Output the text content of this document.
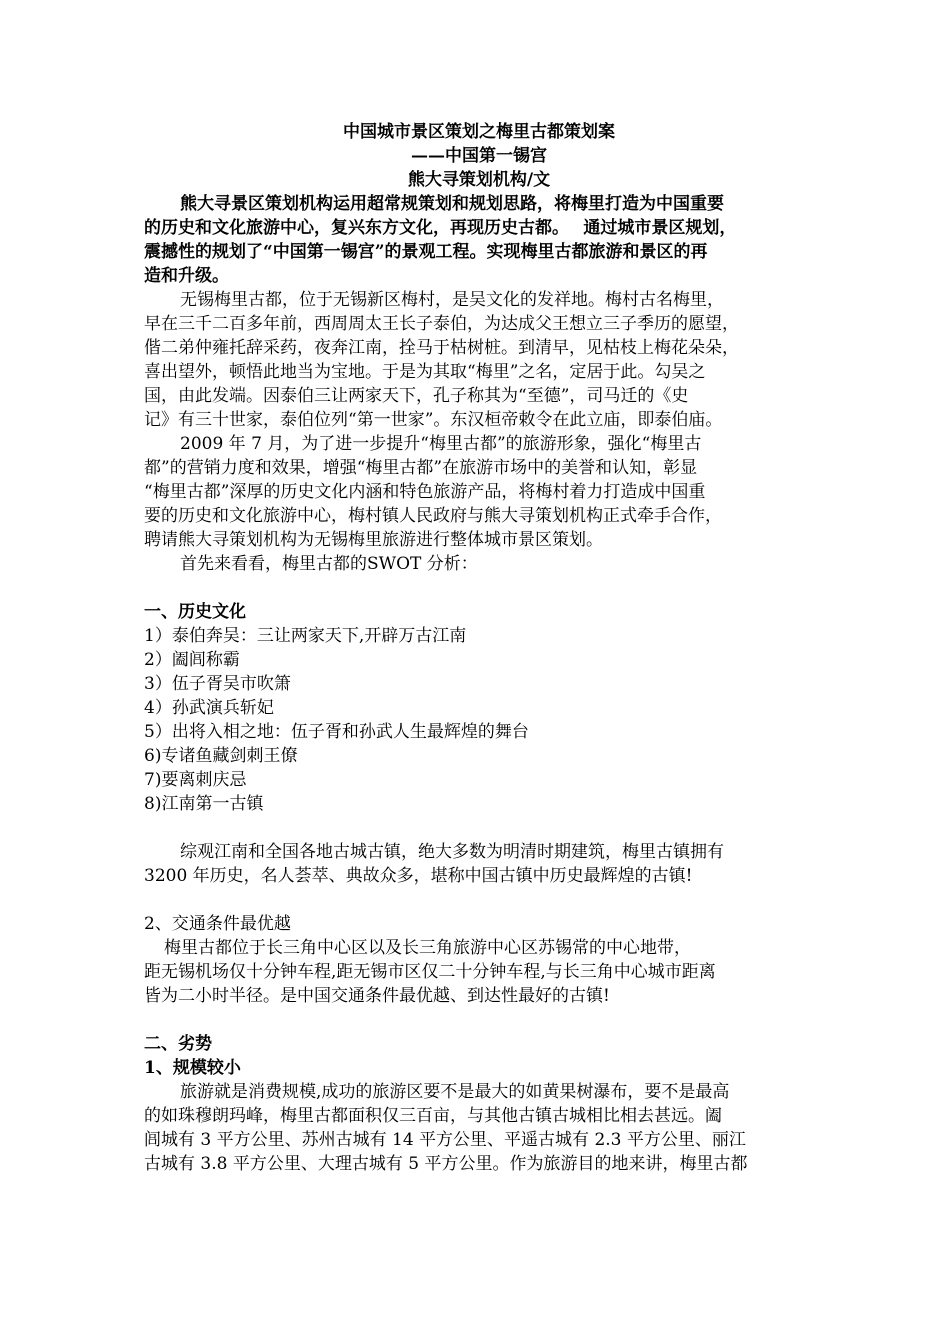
中国城市景区策划之梅里古都策划案
——中国第一锡宫
熊大寻策划机构/文
熊大寻景区策划机构运用超常规策划和规划思路，将梅里打造为中国重要
的历史和文化旅游中心，复兴东方文化，再现历史古都。　 通过城市景区规划，
震撼性的规划了“中国第一锡宫”的景观工程。实现梅里古都旅游和景区的再
造和升级。
无锡梅里古都，位于无锡新区梅村，是吴文化的发祥地。梅村古名梅里，
早在三千二百多年前，西周周太王长子泰伯，为达成父王想立三子季历的愿望，
偕二弟仲雍托辞采药，夜奔江南，拴马于枯树桩。到清早，见枯枝上梅花朵朵，
喜出望外，顿悟此地当为宝地。于是为其取“梅里”之名，定居于此。勾吴之
国，由此发端。因泰伯三让两家天下，孔子称其为“至德”，司马迁的《史
记》有三十世家，泰伯位列“第一世家”。东汉桓帝敕令在此立庙，即泰伯庙。
2009 年 7 月，为了进一步提升“梅里古都”的旅游形象，强化“梅里古
都”的营销力度和效果，增强“梅里古都”在旅游市场中的美誉和认知，彰显
“梅里古都”深厚的历史文化内涵和特色旅游产品，将梅村着力打造成中国重
要的历史和文化旅游中心，梅村镇人民政府与熊大寻策划机构正式牵手合作，
聘请熊大寻策划机构为无锡梅里旅游进行整体城市景区策划。
首先来看看，梅里古都的SWOT 分析：
一、历史文化
1）泰伯奔吴：三让两家天下,开辟万古江南
2）阖闾称霸
3）伍子胥吴市吹箫
4）孙武演兵斩妃
5）出将入相之地：伍子胥和孙武人生最辉煌的舞台
6)专诸鱼藏剑刺王僚
7)要离刺庆忌
8)江南第一古镇
综观江南和全国各地古城古镇，绝大多数为明清时期建筑，梅里古镇拥有
3200 年历史，名人荟萃、典故众多，堪称中国古镇中历史最辉煌的古镇!
2、交通条件最优越
梅里古都位于长三角中心区以及长三角旅游中心区苏锡常的中心地带，
距无锡机场仅十分钟车程,距无锡市区仅二十分钟车程,与长三角中心城市距离
皆为二小时半径。是中国交通条件最优越、到达性最好的古镇!
二、劣势
1、规模较小
旅游就是消费规模,成功的旅游区要不是最大的如黄果树瀑布，要不是最高
的如珠穆朗玛峰，梅里古都面积仅三百亩，与其他古镇古城相比相去甚远。阖
闾城有 3 平方公里、苏州古城有 14 平方公里、平遥古城有 2.3 平方公里、丽江
古城有 3.8 平方公里、大理古城有 5 平方公里。作为旅游目的地来讲，梅里古都
